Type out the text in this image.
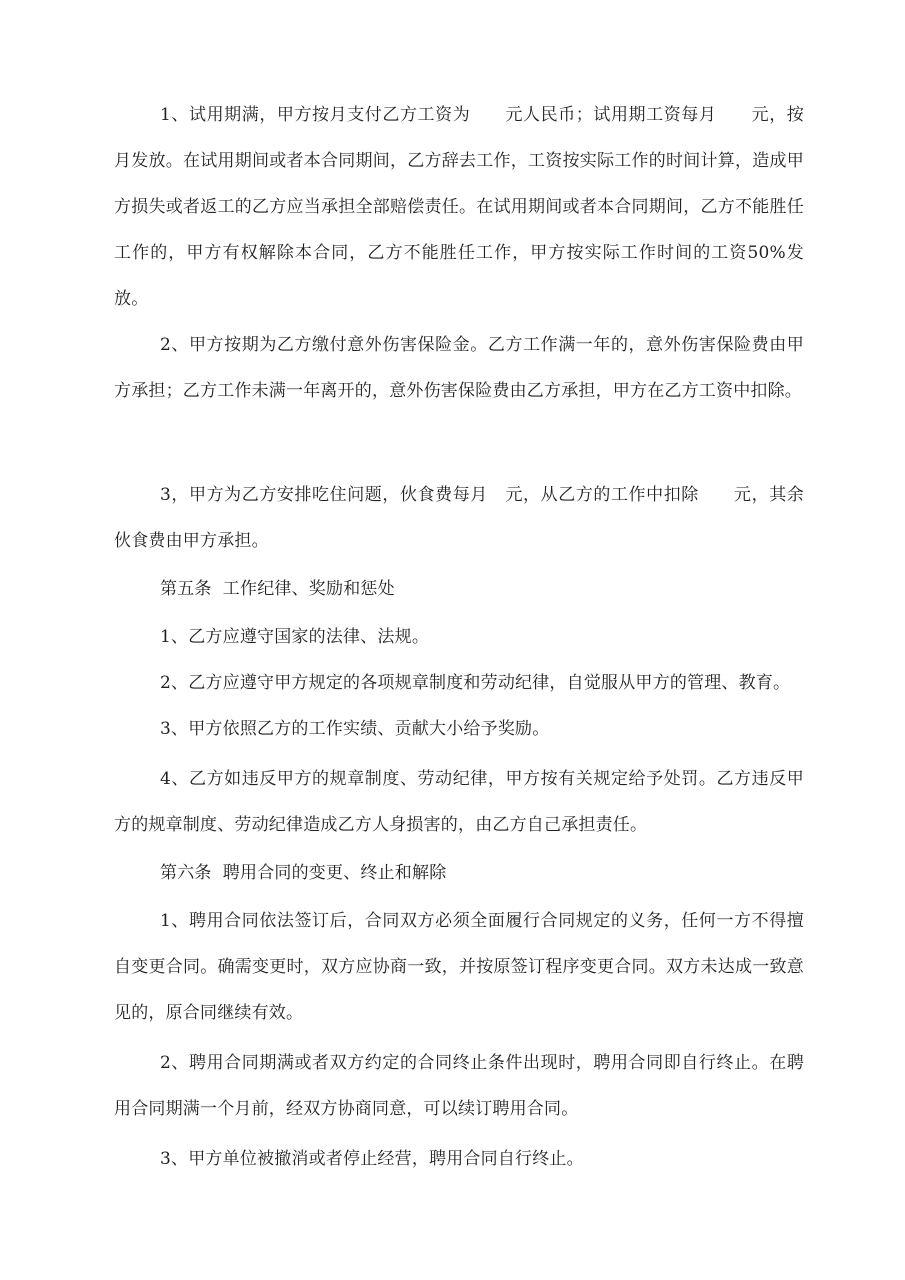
1、试用期满，甲方按月支付乙方工资为　　元人民币；试用期工资每月　　元，按月发放。在试用期间或者本合同期间，乙方辞去工作，工资按实际工作的时间计算，造成甲方损失或者返工的乙方应当承担全部赔偿责任。在试用期间或者本合同期间，乙方不能胜任工作的，甲方有权解除本合同，乙方不能胜任工作，甲方按实际工作时间的工资50%发放。

2、甲方按期为乙方缴付意外伤害保险金。乙方工作满一年的，意外伤害保险费由甲方承担；乙方工作未满一年离开的，意外伤害保险费由乙方承担，甲方在乙方工资中扣除。

3，甲方为乙方安排吃住问题，伙食费每月　元，从乙方的工作中扣除　　元，其余伙食费由甲方承担。

第五条  工作纪律、奖励和惩处

1、乙方应遵守国家的法律、法规。

2、乙方应遵守甲方规定的各项规章制度和劳动纪律，自觉服从甲方的管理、教育。

3、甲方依照乙方的工作实绩、贡献大小给予奖励。

4、乙方如违反甲方的规章制度、劳动纪律，甲方按有关规定给予处罚。乙方违反甲方的规章制度、劳动纪律造成乙方人身损害的，由乙方自己承担责任。

第六条  聘用合同的变更、终止和解除

1、聘用合同依法签订后，合同双方必须全面履行合同规定的义务，任何一方不得擅自变更合同。确需变更时，双方应协商一致，并按原签订程序变更合同。双方未达成一致意见的，原合同继续有效。

2、聘用合同期满或者双方约定的合同终止条件出现时，聘用合同即自行终止。在聘用合同期满一个月前，经双方协商同意，可以续订聘用合同。

3、甲方单位被撤消或者停止经营，聘用合同自行终止。
